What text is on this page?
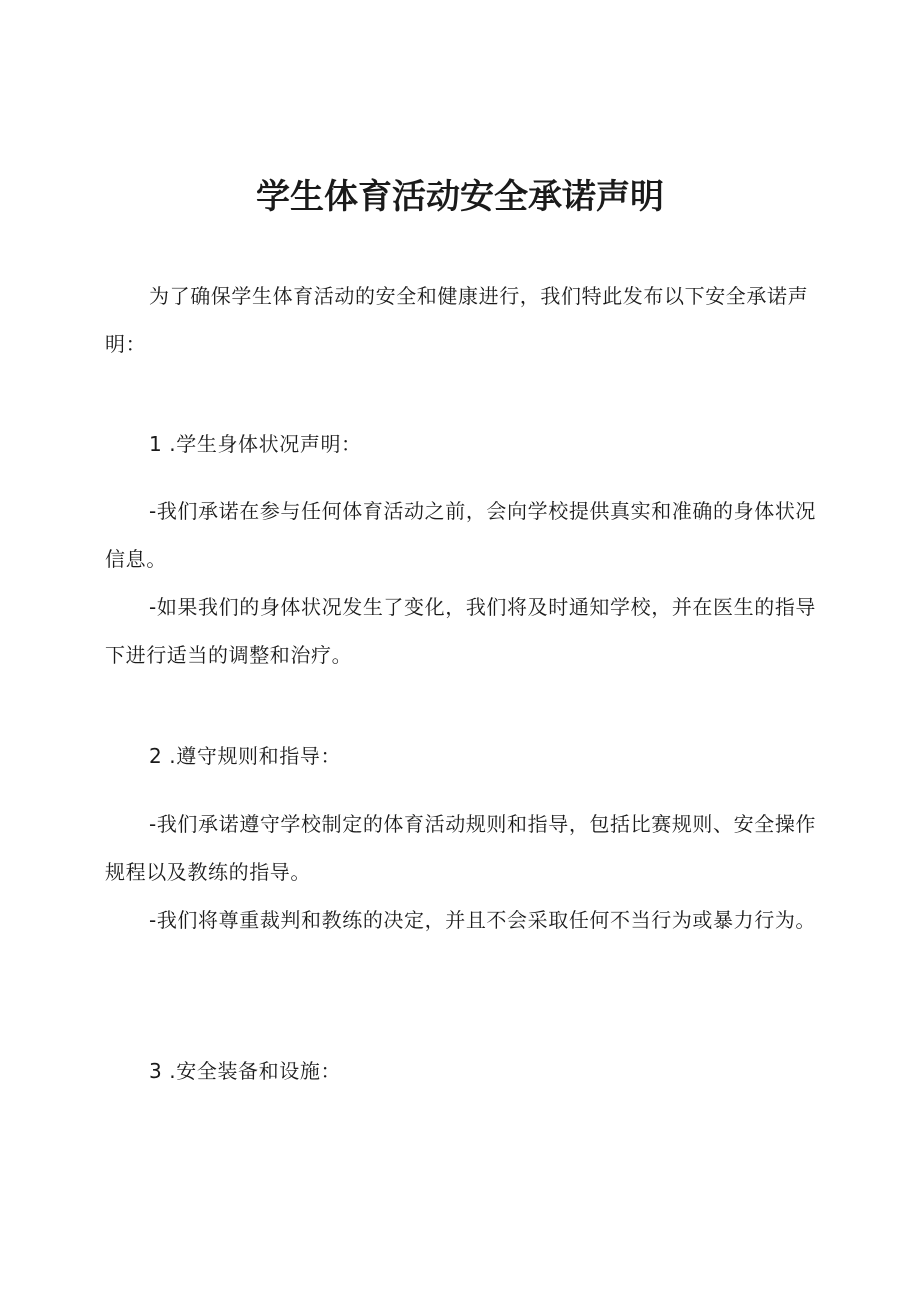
学生体育活动安全承诺声明
为了确保学生体育活动的安全和健康进行，我们特此发布以下安全承诺声明：
1 .学生身体状况声明：
-我们承诺在参与任何体育活动之前，会向学校提供真实和准确的身体状况信息。
-如果我们的身体状况发生了变化，我们将及时通知学校，并在医生的指导下进行适当的调整和治疗。
2 .遵守规则和指导：
-我们承诺遵守学校制定的体育活动规则和指导，包括比赛规则、安全操作规程以及教练的指导。
-我们将尊重裁判和教练的决定，并且不会采取任何不当行为或暴力行为。
3 .安全装备和设施：
